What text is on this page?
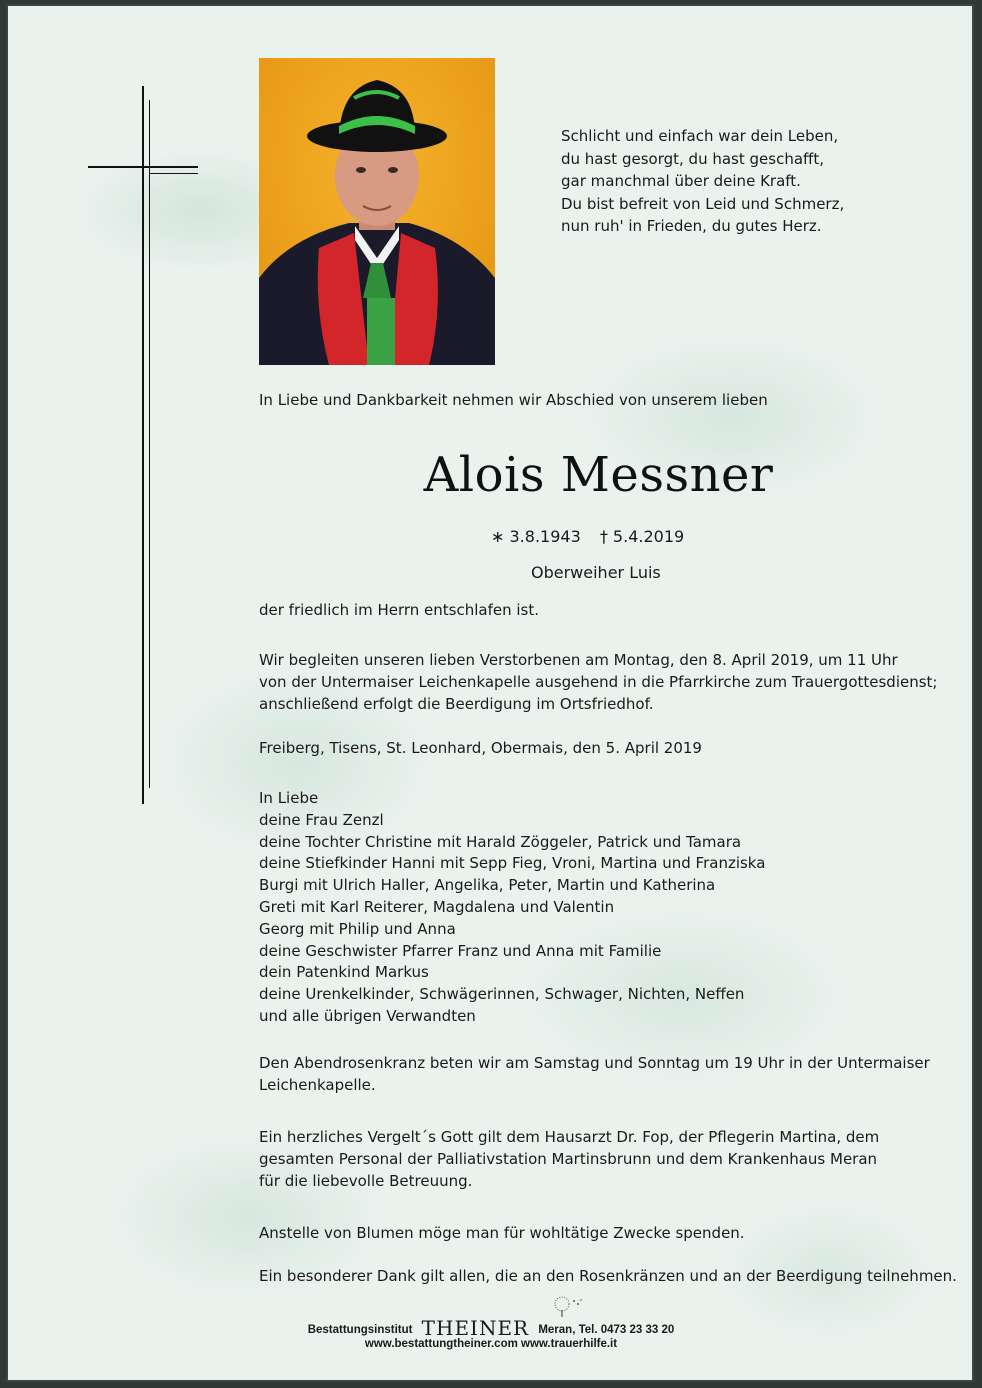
Schlicht und einfach war dein Leben,
du hast gesorgt, du hast geschafft,
gar manchmal über deine Kraft.
Du bist befreit von Leid und Schmerz,
nun ruh' in Frieden, du gutes Herz.
In Liebe und Dankbarkeit nehmen wir Abschied von unserem lieben
Alois Messner
∗ 3.8.1943 † 5.4.2019
Oberweiher Luis
der friedlich im Herrn entschlafen ist.
Wir begleiten unseren lieben Verstorbenen am Montag, den 8. April 2019, um 11 Uhr
von der Untermaiser Leichenkapelle ausgehend in die Pfarrkirche zum Trauergottesdienst;
anschließend erfolgt die Beerdigung im Ortsfriedhof.
Freiberg, Tisens, St. Leonhard, Obermais, den 5. April 2019
In Liebe
deine Frau Zenzl
deine Tochter Christine mit Harald Zöggeler, Patrick und Tamara
deine Stiefkinder Hanni mit Sepp Fieg, Vroni, Martina und Franziska
Burgi mit Ulrich Haller, Angelika, Peter, Martin und Katherina
Greti mit Karl Reiterer, Magdalena und Valentin
Georg mit Philip und Anna
deine Geschwister Pfarrer Franz und Anna mit Familie
dein Patenkind Markus
deine Urenkelkinder, Schwägerinnen, Schwager, Nichten, Neffen
und alle übrigen Verwandten
Den Abendrosenkranz beten wir am Samstag und Sonntag um 19 Uhr in der Untermaiser
Leichenkapelle.
Ein herzliches Vergelt´s Gott gilt dem Hausarzt Dr. Fop, der Pflegerin Martina, dem
gesamten Personal der Palliativstation Martinsbrunn und dem Krankenhaus Meran
für die liebevolle Betreuung.
Anstelle von Blumen möge man für wohltätige Zwecke spenden.
Ein besonderer Dank gilt allen, die an den Rosenkränzen und an der Beerdigung teilnehmen.
Bestattungsinstitut THEINER Meran, Tel. 0473 23 33 20
www.bestattungtheiner.com www.trauerhilfe.it
